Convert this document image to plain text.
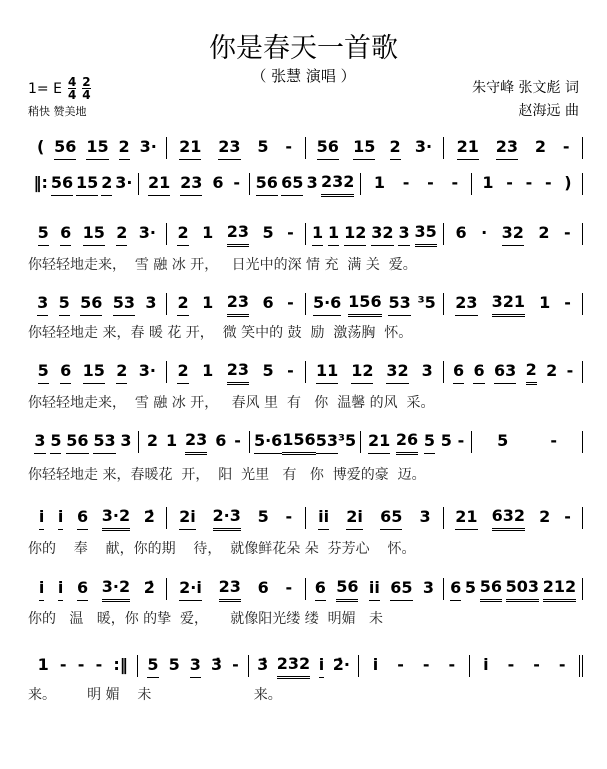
你是春天一首歌
（ 张慧 演唱 ）
1= E $\frac{4}{4} \frac{2}{4}$
稍快 赞美地
朱守峰 张文彪 词
赵海远 曲
( 56 15 2 3· 21 23 5 - 56 15 2 3· 21 23 2 -
‖: 56 15 2 3· 21 23 6 - 56 65 3 232 1 - - - 1 - - - )
5 6 15 2 3· 2 1 23 5 - 1 1 12 32 3 35 6 · 32 2 -
你轻轻地走来，  雪 融 冰 开，   日光中的深 情 充  满 关  爱。
3 5 56 53 3 2 1 23 6 - 5·6 156 53 ³5 23 321 1 -
你轻轻地走 来，春 暖 花 开，  微 笑中的 鼓  励  激荡胸  怀。
5 6 15 2 3· 2 1 23 5 - 11 12 32 3 6 6 63 2 2 -
你轻轻地走来，  雪 融 冰 开，   春风 里  有   你  温馨 的风  采。
3 5 56 53 3 2 1 23 6 - 5·6 156 53 ³5 21 26 5 5 - 5	-
你轻轻地走 来，春暖花  开，  阳  光里   有   你  博爱的豪  迈。
i i 6 3·2 2̇ 2i 2·3 5 - ii 2i 65 3 21 632 2 -
你的    奉    献，你的期    待，  就像鲜花朵 朵  芬芳心    怀。
i i 6 3·2 2̇ 2·i 23 6 - 6 56 ii 65 3 6 5 56 503 212
你的   温   暖，你 的挚  爱，     就像阳光缕 缕  明媚   未
1 - - - :‖ 5 5 3 3̇ - 3̇ 232 i 2̇· i - - - i - - -
来。       明 媚    未                       来。
